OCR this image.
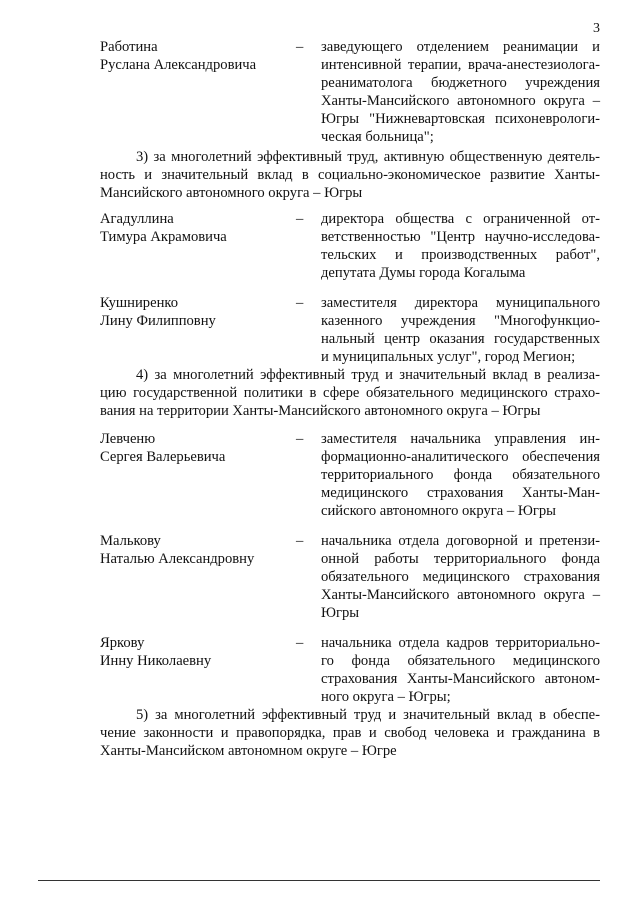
3
Работина
Руслана Александровича
– заведующего отделением реанимации и
интенсивной терапии, врача-анестезиолога-
реаниматолога бюджетного учреждения
Ханты-Мансийского автономного округа –
Югры "Нижневартовская психоневрологи-
ческая больница";
3) за многолетний эффективный труд, активную общественную деятель-
ность и значительный вклад в социально-экономическое развитие Ханты-
Мансийского автономного округа – Югры
Агадуллина
Тимура Акрамовича
– директора общества с ограниченной от-
ветственностью "Центр научно-исследова-
тельских и производственных работ",
депутата Думы города Когалыма
Кушниренко
Лину Филипповну
– заместителя директора муниципального
казенного учреждения "Многофункцио-
нальный центр оказания государственных
и муниципальных услуг", город Мегион;
4) за многолетний эффективный труд и значительный вклад в реализа-
цию государственной политики в сфере обязательного медицинского страхо-
вания на территории Ханты-Мансийского автономного округа – Югры
Левченю
Сергея Валерьевича
– заместителя начальника управления ин-
формационно-аналитического обеспечения
территориального фонда обязательного
медицинского страхования Ханты-Ман-
сийского автономного округа – Югры
Малькову
Наталью Александровну
– начальника отдела договорной и претензи-
онной работы территориального фонда
обязательного медицинского страхования
Ханты-Мансийского автономного округа –
Югры
Яркову
Инну Николаевну
– начальника отдела кадров территориально-
го фонда обязательного медицинского
страхования Ханты-Мансийского автоном-
ного округа – Югры;
5) за многолетний эффективный труд и значительный вклад в обеспе-
чение законности и правопорядка, прав и свобод человека и гражданина в
Ханты-Мансийском автономном округе – Югре
